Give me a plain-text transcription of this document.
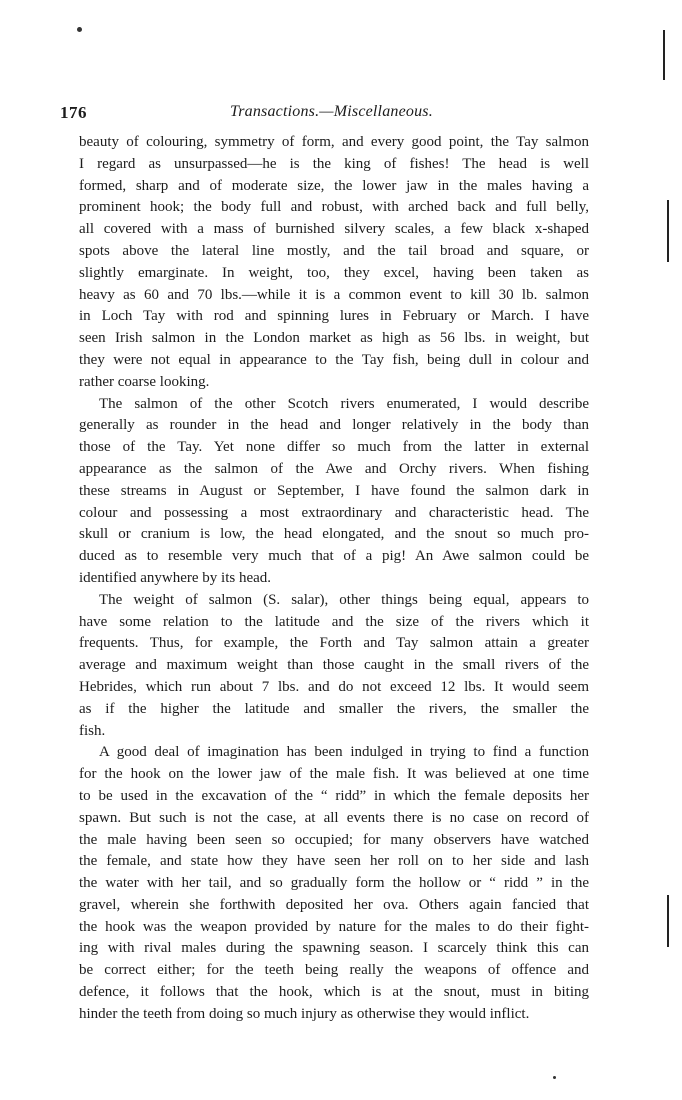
176	Transactions.—Miscellaneous.
beauty of colouring, symmetry of form, and every good point, the Tay salmon
I regard as unsurpassed—he is the king of fishes! The head is well
formed, sharp and of moderate size, the lower jaw in the males having a
prominent hook; the body full and robust, with arched back and full belly,
all covered with a mass of burnished silvery scales, a few black x-shaped
spots above the lateral line mostly, and the tail broad and square, or
slightly emarginate. In weight, too, they excel, having been taken as
heavy as 60 and 70 lbs.—while it is a common event to kill 30 lb. salmon
in Loch Tay with rod and spinning lures in February or March. I have
seen Irish salmon in the London market as high as 56 lbs. in weight, but
they were not equal in appearance to the Tay fish, being dull in colour and
rather coarse looking.
The salmon of the other Scotch rivers enumerated, I would describe
generally as rounder in the head and longer relatively in the body than
those of the Tay. Yet none differ so much from the latter in external
appearance as the salmon of the Awe and Orchy rivers. When fishing
these streams in August or September, I have found the salmon dark in
colour and possessing a most extraordinary and characteristic head. The
skull or cranium is low, the head elongated, and the snout so much pro-
duced as to resemble very much that of a pig! An Awe salmon could be
identified anywhere by its head.
The weight of salmon (S. salar), other things being equal, appears to
have some relation to the latitude and the size of the rivers which it
frequents. Thus, for example, the Forth and Tay salmon attain a greater
average and maximum weight than those caught in the small rivers of the
Hebrides, which run about 7 lbs. and do not exceed 12 lbs. It would seem
as if the higher the latitude and smaller the rivers, the smaller the
fish.
A good deal of imagination has been indulged in trying to find a function
for the hook on the lower jaw of the male fish. It was believed at one time
to be used in the excavation of the “ ridd” in which the female deposits her
spawn. But such is not the case, at all events there is no case on record of
the male having been seen so occupied; for many observers have watched
the female, and state how they have seen her roll on to her side and lash
the water with her tail, and so gradually form the hollow or “ ridd ” in the
gravel, wherein she forthwith deposited her ova. Others again fancied that
the hook was the weapon provided by nature for the males to do their fight-
ing with rival males during the spawning season. I scarcely think this can
be correct either; for the teeth being really the weapons of offence and
defence, it follows that the hook, which is at the snout, must in biting
hinder the teeth from doing so much injury as otherwise they would inflict.
